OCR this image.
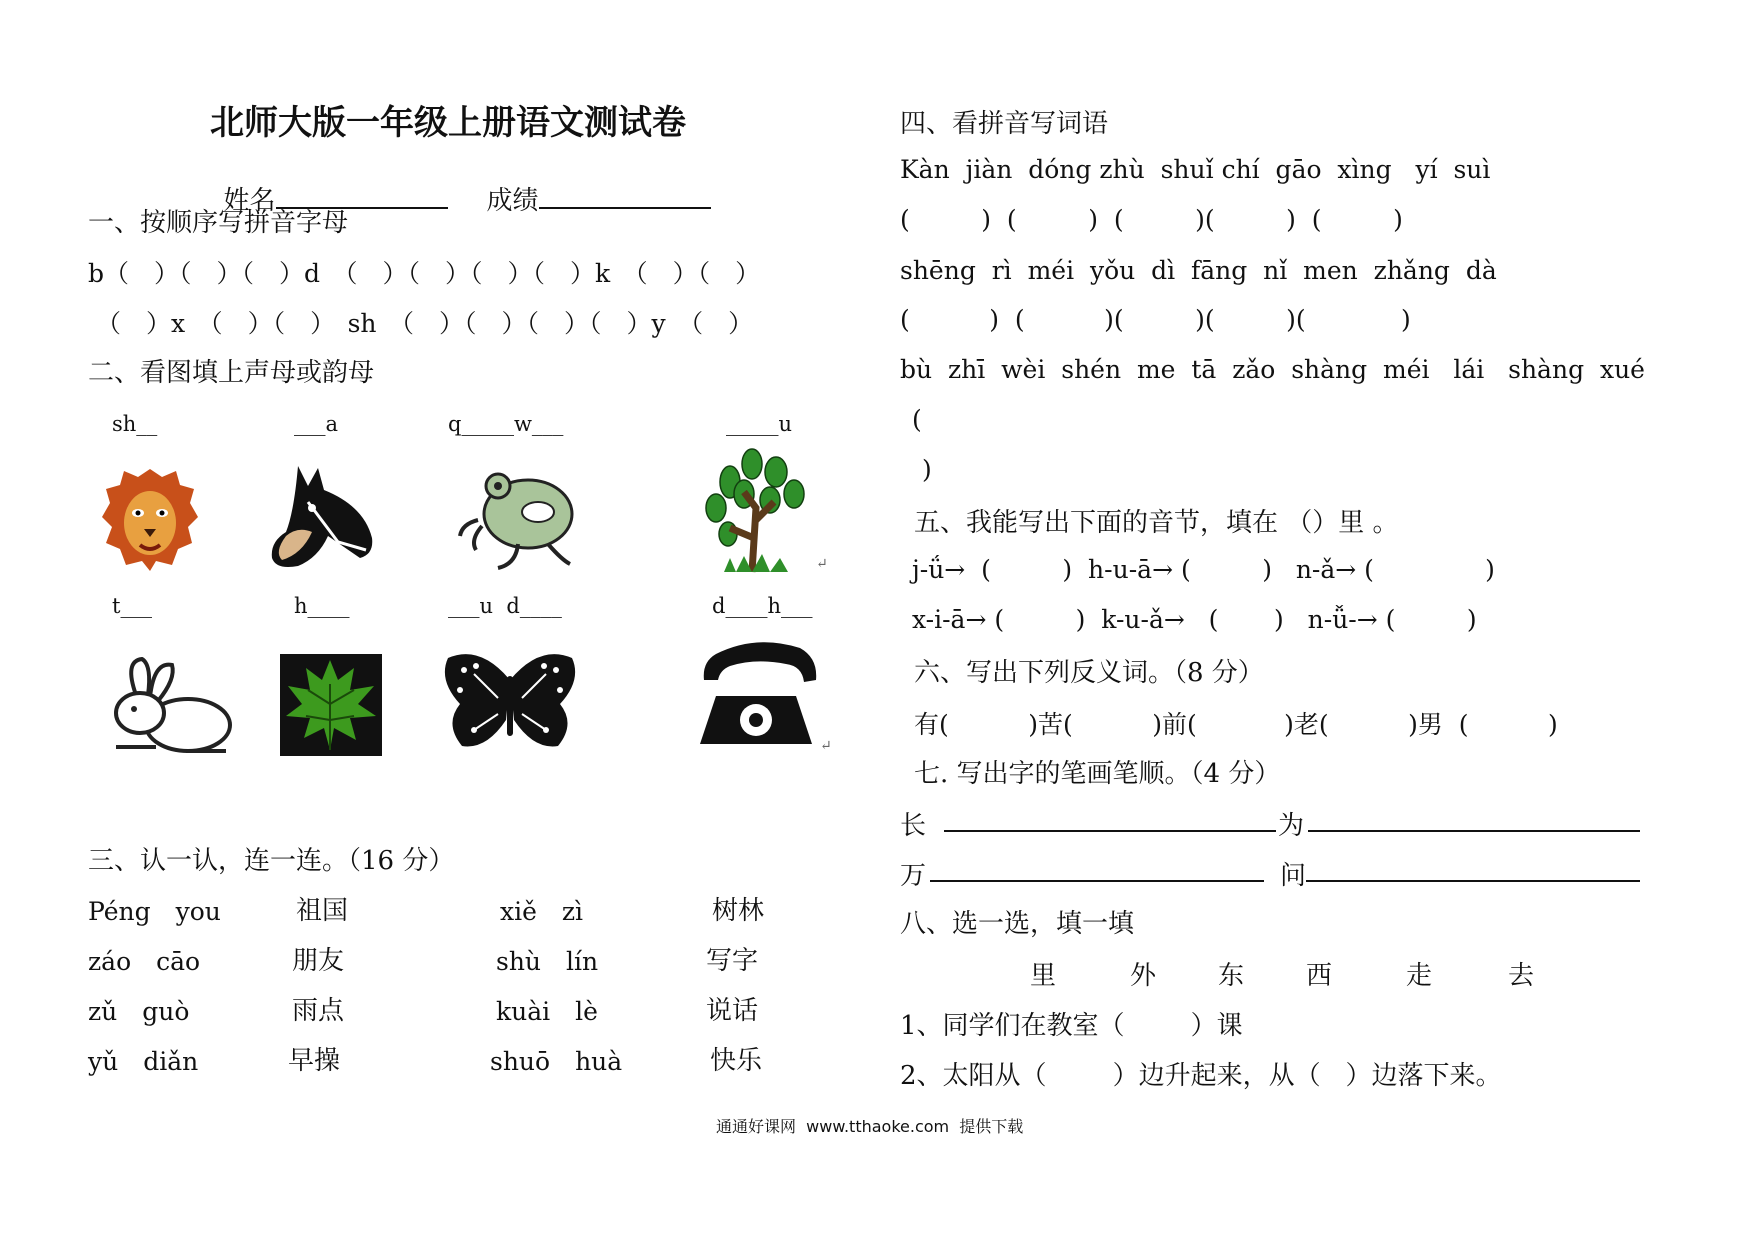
北师大版一年级上册语文测试卷

姓名	成绩

一、按顺序写拼音字母
b（　）（　）（　）d　（　）（　）（　）（　）k　（　）（　）
（　）x　（　）（　）　sh　（　）（　）（　）（　）y　（　）
二、看图填上声母或韵母
sh__	___a	q_____w___	_____u
↵
t___	h____	___u  d____	d____h___
↵
三、认一认，连一连。（16 分）
Péng　you	祖国	xiě　zì	树林
záo　cāo	朋友	shù　lín	写字
zǔ　guò	雨点	kuài　lè	说话
yǔ　diǎn	早操	shuō　huà	快乐
四、看拼音写词语
Kàn  jiàn  dóng zhù  shuǐ chí  gāo  xìng   yí  suì
(         )  (         )  (         )(         )  (         )
shēng  rì  méi  yǒu  dì  fāng  nǐ  men  zhǎng  dà
(          )  (          )(         )(         )(            )
bù  zhī  wèi  shén  me  tā  zǎo  shàng  méi   lái   shàng  xué
(
)
五、我能写出下面的音节，填在 （）里 。
j-ǘ→  (         )  h-u-ā→ (         )   n-ǎ→ (              )
x-i-ā→ (         )  k-u-ǎ→   (       )   n-ǚ-→ (         )
六、写出下列反义词。（8 分）
有(          )苦(          )前(           )老(          )男  (          )
七. 写出字的笔画笔顺。（4 分）
长	为
万	问
八、选一选，填一填
里	外 东 西	走	去
1、同学们在教室（        ）课
2、太阳从（        ）边升起来，从（   ）边落下来。
通通好课网  www.tthaoke.com  提供下载
